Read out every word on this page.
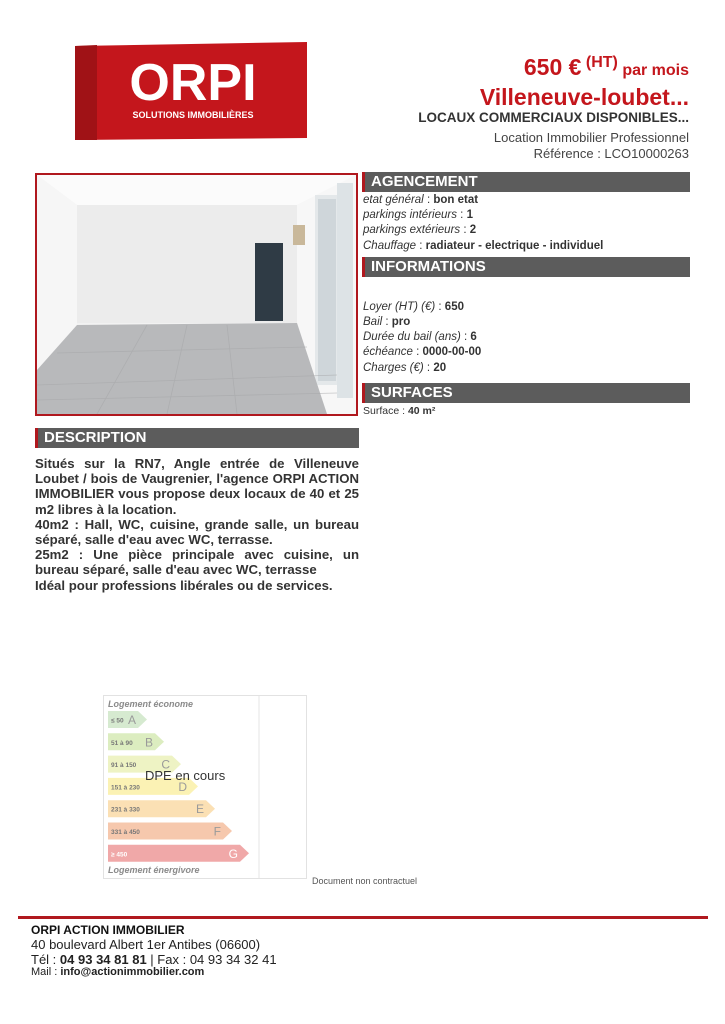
ORPI
SOLUTIONS IMMOBILIÈRES
650 € (HT) par mois
Villeneuve-loubet...
LOCAUX COMMERCIAUX DISPONIBLES...
Location Immobilier Professionnel
Référence : LCO10000263
AGENCEMENT
etat général : bon etat
parkings intérieurs : 1
parkings extérieurs : 2
Chauffage : radiateur - electrique - individuel
INFORMATIONS
Loyer (HT) (€) : 650
Bail : pro
Durée du bail (ans) : 6
échéance : 0000-00-00
Charges (€) : 20
SURFACES
Surface : 40 m²
DESCRIPTION

Situés sur la RN7, Angle entrée de Villeneuve Loubet / bois de Vaugrenier, l'agence ORPI ACTION IMMOBILIER vous propose deux locaux de 40 et 25 m2 libres à la location.

40m2 : Hall, WC, cuisine, grande salle, un bureau séparé, salle d'eau avec WC, terrasse.

25m2 : Une pièce principale avec cuisine, un bureau séparé, salle d'eau avec WC, terrasse

Idéal pour professions libérales ou de services.

Logement économe
≤ 50 A
51 à 90 B
91 à 150 C
151 à 230	D
231 à 330	E
331 à 450	F
≥ 450	G
Logement énergivore
DPE en cours
Document non contractuel
ORPI ACTION IMMOBILIER
40 boulevard Albert 1er Antibes (06600)
Tél : 04 93 34 81 81 | Fax : 04 93 34 32 41
Mail : info@actionimmobilier.com
